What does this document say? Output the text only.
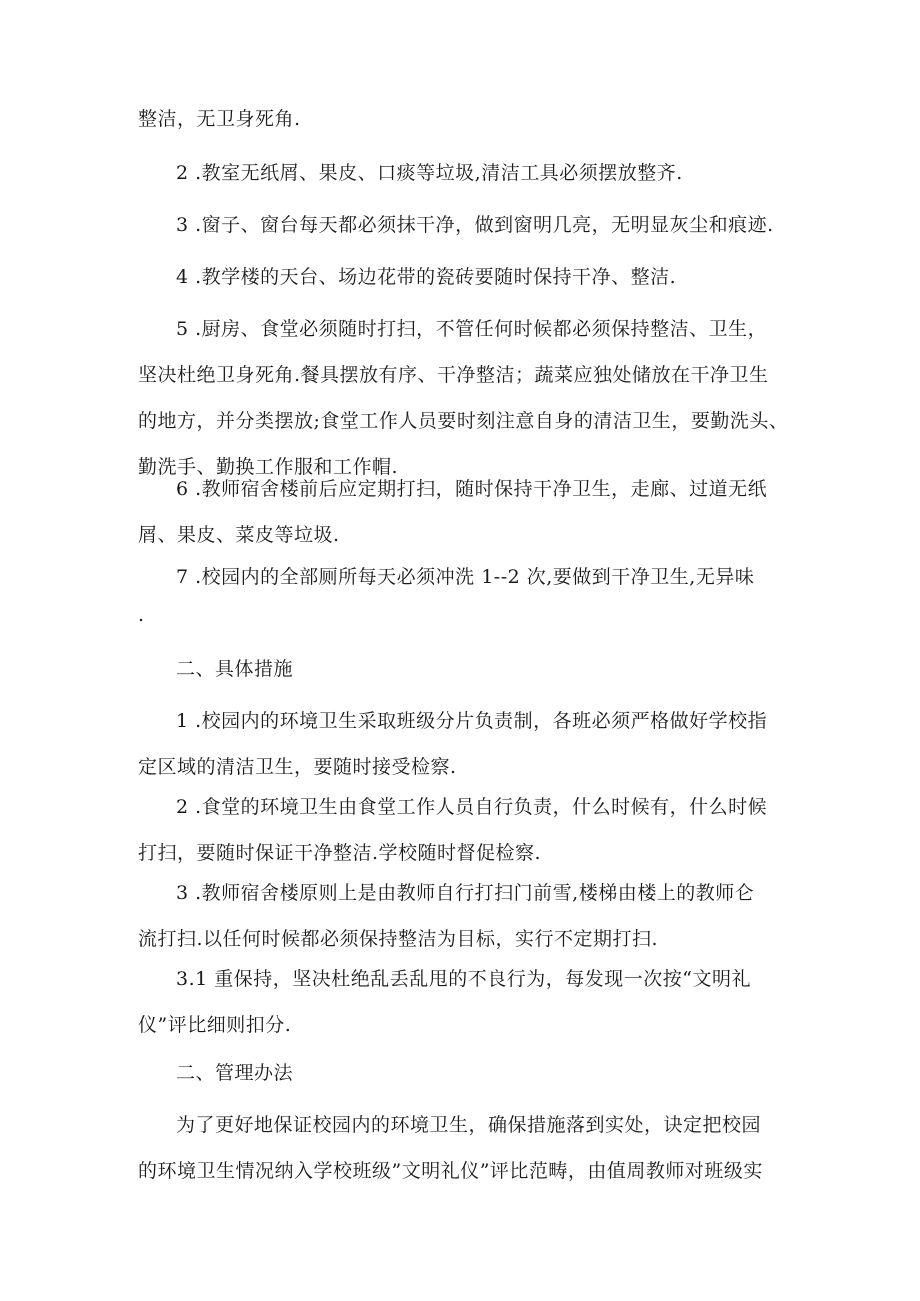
整洁，无卫身死角.

2 .教室无纸屑、果皮、口痰等垃圾,清洁工具必须摆放整齐.

3 .窗子、窗台每天都必须抹干净，做到窗明几亮，无明显灰尘和痕迹.

4 .教学楼的天台、场边花带的瓷砖要随时保持干净、整洁.

5 .厨房、食堂必须随时打扫，不管任何时候都必须保持整洁、卫生，
坚决杜绝卫身死角.餐具摆放有序、干净整洁；蔬菜应独处储放在干净卫生
的地方，并分类摆放;食堂工作人员要时刻注意自身的清洁卫生，要勤洗头、
勤洗手、勤换工作服和工作帽.

6 .教师宿舍楼前后应定期打扫，随时保持干净卫生，走廊、过道无纸
屑、果皮、菜皮等垃圾.

7 .校园内的全部厕所每天必须冲洗 1--2 次,要做到干净卫生,无异味
.

二、具体措施

1 .校园内的环境卫生采取班级分片负责制，各班必须严格做好学校指
定区域的清洁卫生，要随时接受检察.

2 .食堂的环境卫生由食堂工作人员自行负责，什么时候有，什么时候
打扫，要随时保证干净整洁.学校随时督促检察.

3 .教师宿舍楼原则上是由教师自行打扫门前雪,楼梯由楼上的教师仑
流打扫.以任何时候都必须保持整洁为目标，实行不定期打扫.

3.1 重保持，坚决杜绝乱丢乱甩的不良行为，每发现一次按“文明礼
仪”评比细则扣分.

二、管理办法

为了更好地保证校园内的环境卫生，确保措施落到实处，诀定把校园
的环境卫生情况纳入学校班级”文明礼仪”评比范畴，由值周教师对班级实
